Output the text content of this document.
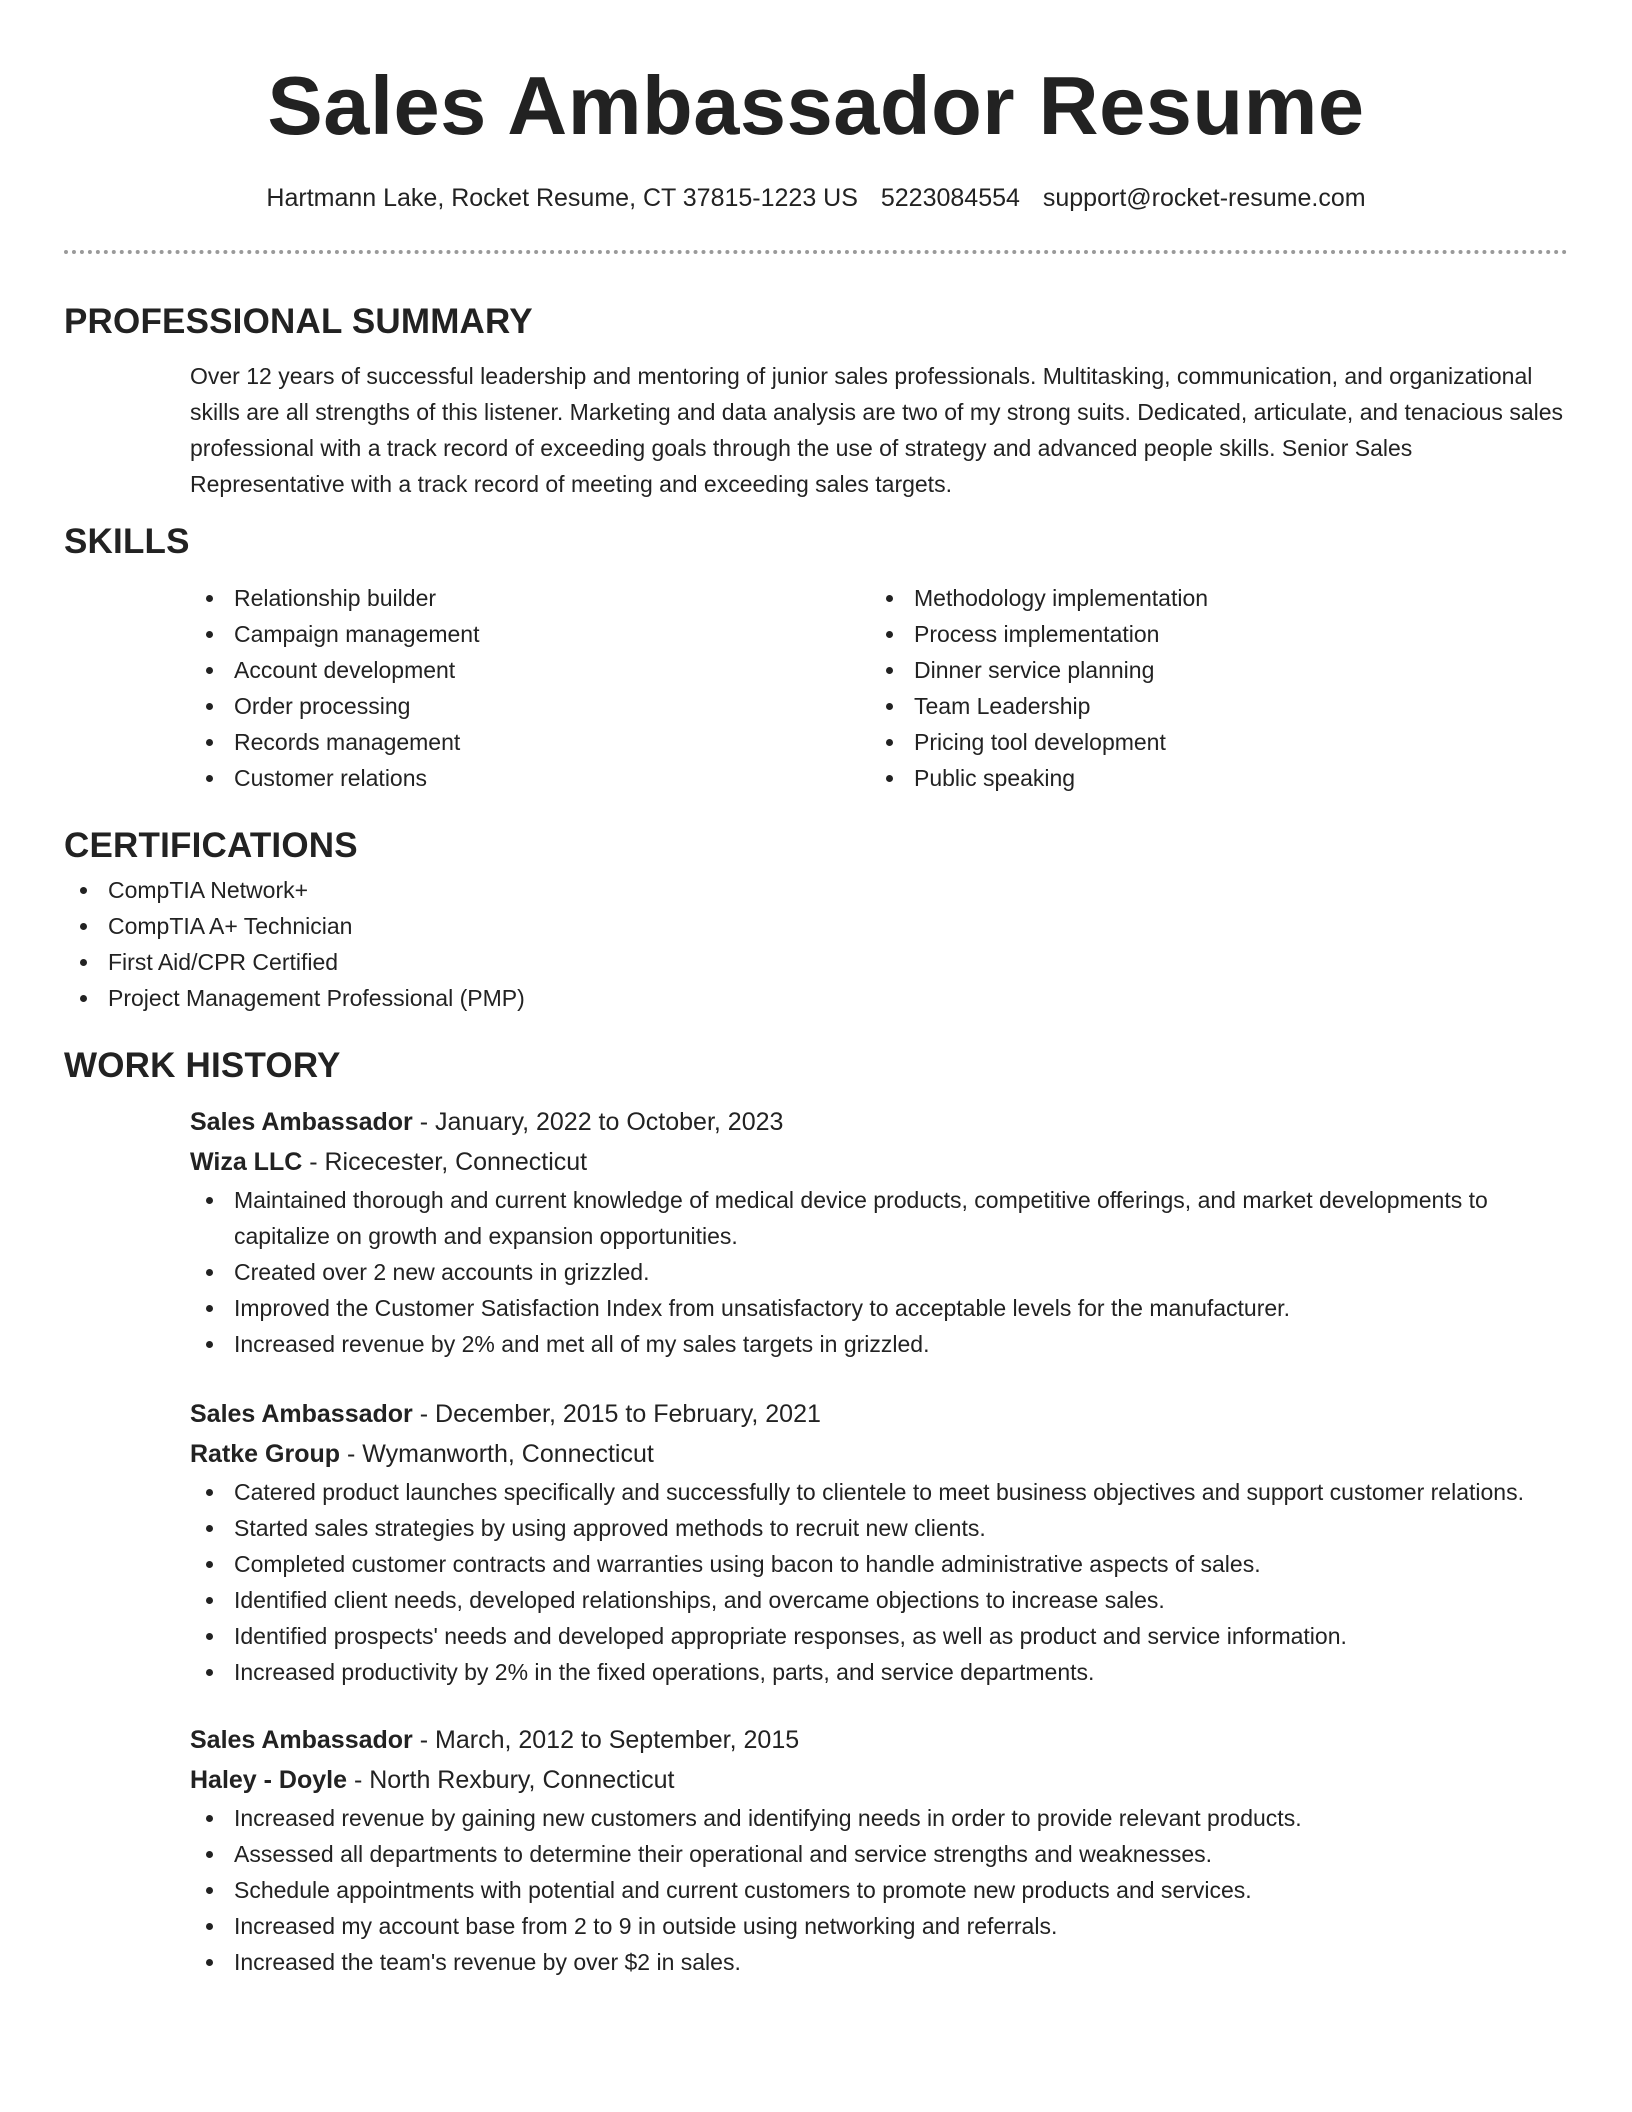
Sales Ambassador Resume
Hartmann Lake, Rocket Resume, CT 37815-1223 US 5223084554 support@rocket-resume.com
PROFESSIONAL SUMMARY

Over 12 years of successful leadership and mentoring of junior sales professionals. Multitasking, communication, and organizational skills are all strengths of this listener. Marketing and data analysis are two of my strong suits. Dedicated, articulate, and tenacious sales professional with a track record of exceeding goals through the use of strategy and advanced people skills. Senior Sales Representative with a track record of meeting and exceeding sales targets.

SKILLS
Relationship builder
Campaign management
Account development
Order processing
Records management
Customer relations
Methodology implementation
Process implementation
Dinner service planning
Team Leadership
Pricing tool development
Public speaking
CERTIFICATIONS
CompTIA Network+
CompTIA A+ Technician
First Aid/CPR Certified
Project Management Professional (PMP)
WORK HISTORY
Sales Ambassador - January, 2022 to October, 2023
Wiza LLC - Ricecester, Connecticut
Maintained thorough and current knowledge of medical device products, competitive offerings, and market developments to capitalize on growth and expansion opportunities.
Created over 2 new accounts in grizzled.
Improved the Customer Satisfaction Index from unsatisfactory to acceptable levels for the manufacturer.
Increased revenue by 2% and met all of my sales targets in grizzled.
Sales Ambassador - December, 2015 to February, 2021
Ratke Group - Wymanworth, Connecticut
Catered product launches specifically and successfully to clientele to meet business objectives and support customer relations.
Started sales strategies by using approved methods to recruit new clients.
Completed customer contracts and warranties using bacon to handle administrative aspects of sales.
Identified client needs, developed relationships, and overcame objections to increase sales.
Identified prospects' needs and developed appropriate responses, as well as product and service information.
Increased productivity by 2% in the fixed operations, parts, and service departments.
Sales Ambassador - March, 2012 to September, 2015
Haley - Doyle - North Rexbury, Connecticut
Increased revenue by gaining new customers and identifying needs in order to provide relevant products.
Assessed all departments to determine their operational and service strengths and weaknesses.
Schedule appointments with potential and current customers to promote new products and services.
Increased my account base from 2 to 9 in outside using networking and referrals.
Increased the team's revenue by over $2 in sales.
